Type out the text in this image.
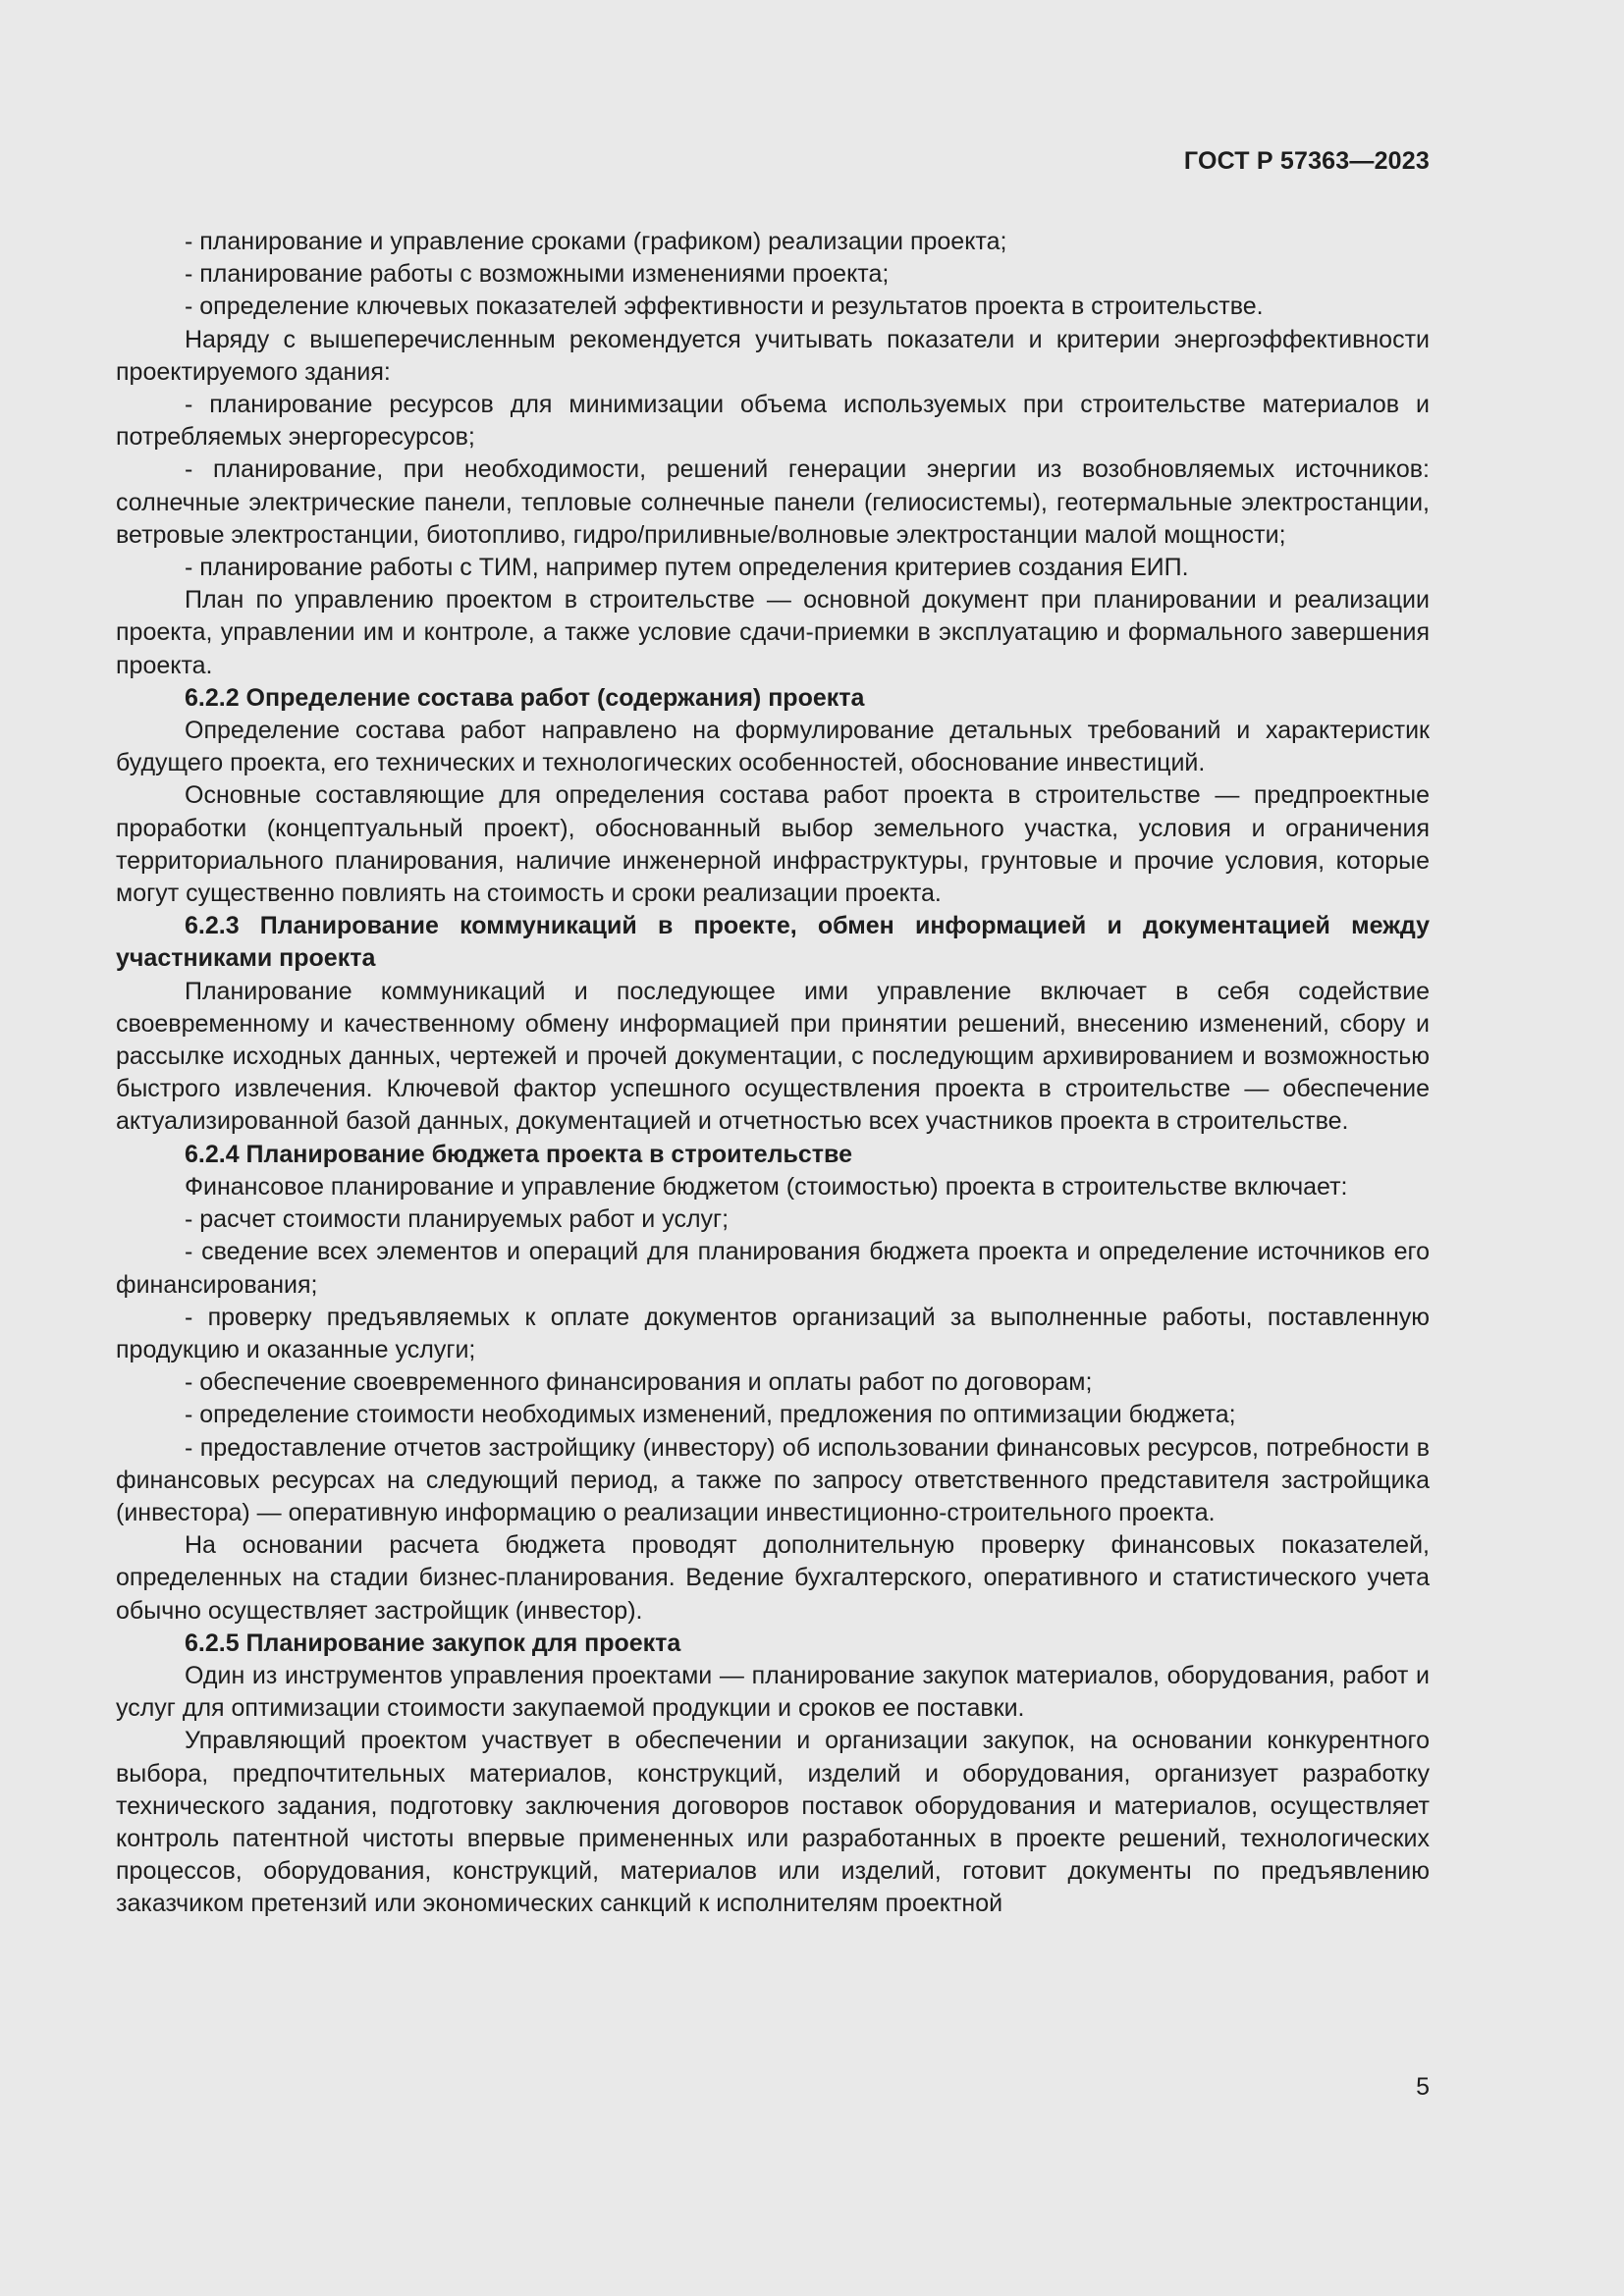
ГОСТ Р 57363—2023

- планирование и управление сроками (графиком) реализации проекта;

- планирование работы с возможными изменениями проекта;

- определение ключевых показателей эффективности и результатов проекта в строительстве.

Наряду с вышеперечисленным рекомендуется учитывать показатели и критерии энергоэффективности проектируемого здания:

- планирование ресурсов для минимизации объема используемых при строительстве материалов и потребляемых энергоресурсов;

- планирование, при необходимости, решений генерации энергии из возобновляемых источников: солнечные электрические панели, тепловые солнечные панели (гелиосистемы), геотермальные электростанции, ветровые электростанции, биотопливо, гидро/приливные/волновые электростанции малой мощности;

- планирование работы с ТИМ, например путем определения критериев создания ЕИП.

План по управлению проектом в строительстве — основной документ при планировании и реализации проекта, управлении им и контроле, а также условие сдачи-приемки в эксплуатацию и формального завершения проекта.

6.2.2 Определение состава работ (содержания) проекта

Определение состава работ направлено на формулирование детальных требований и характеристик будущего проекта, его технических и технологических особенностей, обоснование инвестиций.

Основные составляющие для определения состава работ проекта в строительстве — предпроектные проработки (концептуальный проект), обоснованный выбор земельного участка, условия и ограничения территориального планирования, наличие инженерной инфраструктуры, грунтовые и прочие условия, которые могут существенно повлиять на стоимость и сроки реализации проекта.

6.2.3 Планирование коммуникаций в проекте, обмен информацией и документацией между участниками проекта

Планирование коммуникаций и последующее ими управление включает в себя содействие своевременному и качественному обмену информацией при принятии решений, внесению изменений, сбору и рассылке исходных данных, чертежей и прочей документации, с последующим архивированием и возможностью быстрого извлечения. Ключевой фактор успешного осуществления проекта в строительстве — обеспечение актуализированной базой данных, документацией и отчетностью всех участников проекта в строительстве.

6.2.4 Планирование бюджета проекта в строительстве

Финансовое планирование и управление бюджетом (стоимостью) проекта в строительстве включает:

- расчет стоимости планируемых работ и услуг;

- сведение всех элементов и операций для планирования бюджета проекта и определение источников его финансирования;

- проверку предъявляемых к оплате документов организаций за выполненные работы, поставленную продукцию и оказанные услуги;

- обеспечение своевременного финансирования и оплаты работ по договорам;

- определение стоимости необходимых изменений, предложения по оптимизации бюджета;

- предоставление отчетов застройщику (инвестору) об использовании финансовых ресурсов, потребности в финансовых ресурсах на следующий период, а также по запросу ответственного представителя застройщика (инвестора) — оперативную информацию о реализации инвестиционно-строительного проекта.

На основании расчета бюджета проводят дополнительную проверку финансовых показателей, определенных на стадии бизнес-планирования. Ведение бухгалтерского, оперативного и статистического учета обычно осуществляет застройщик (инвестор).

6.2.5 Планирование закупок для проекта

Один из инструментов управления проектами — планирование закупок материалов, оборудования, работ и услуг для оптимизации стоимости закупаемой продукции и сроков ее поставки.

Управляющий проектом участвует в обеспечении и организации закупок, на основании конкурентного выбора, предпочтительных материалов, конструкций, изделий и оборудования, организует разработку технического задания, подготовку заключения договоров поставок оборудования и материалов, осуществляет контроль патентной чистоты впервые примененных или разработанных в проекте решений, технологических процессов, оборудования, конструкций, материалов или изделий, готовит документы по предъявлению заказчиком претензий или экономических санкций к исполнителям проектной

5
